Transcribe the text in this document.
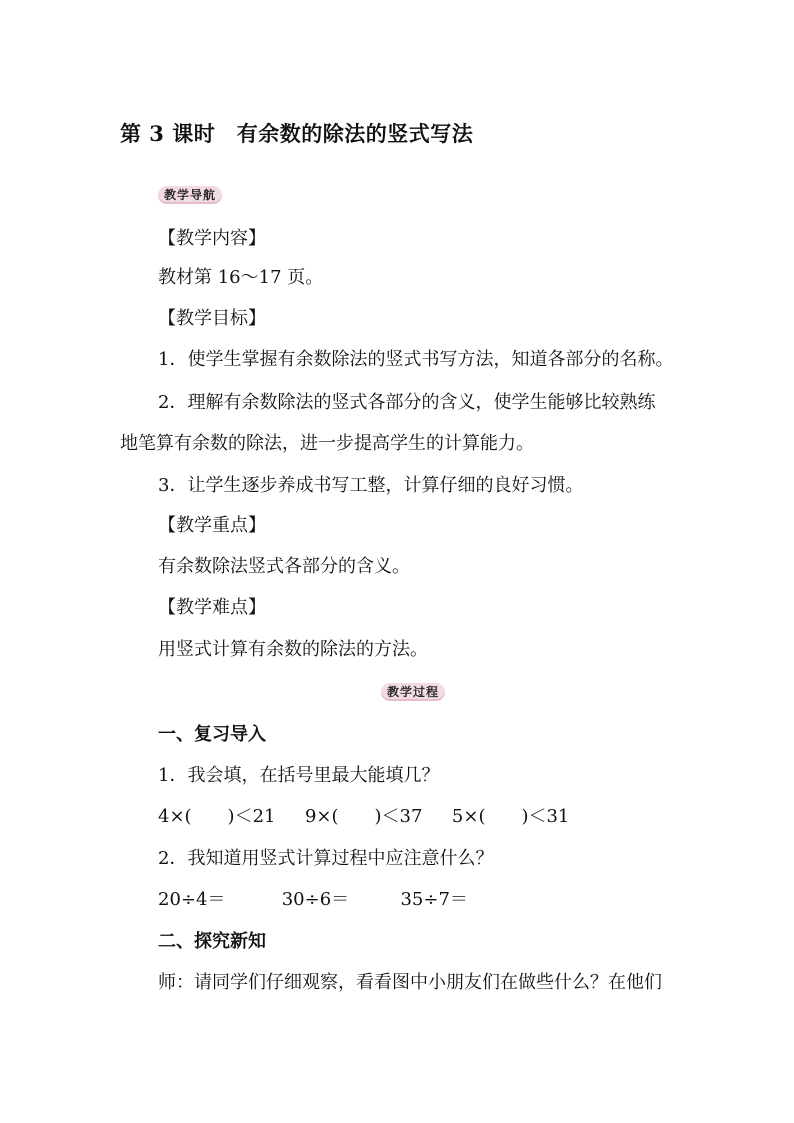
第 3 课时　有余数的除法的竖式写法
教学导航
【教学内容】
教材第 16～17 页。
【教学目标】
1．使学生掌握有余数除法的竖式书写方法，知道各部分的名称。
2．理解有余数除法的竖式各部分的含义，使学生能够比较熟练
地笔算有余数的除法，进一步提高学生的计算能力。
3．让学生逐步养成书写工整，计算仔细的良好习惯。
【教学重点】
有余数除法竖式各部分的含义。
【教学难点】
用竖式计算有余数的除法的方法。
教学过程
一、复习导入
1．我会填，在括号里最大能填几？
4×(　　)＜21 9×(　　)＜37 5×(　　)＜31
2．我知道用竖式计算过程中应注意什么？
20÷4＝	30÷6＝	35÷7＝
二、探究新知
师：请同学们仔细观察，看看图中小朋友们在做些什么？在他们
